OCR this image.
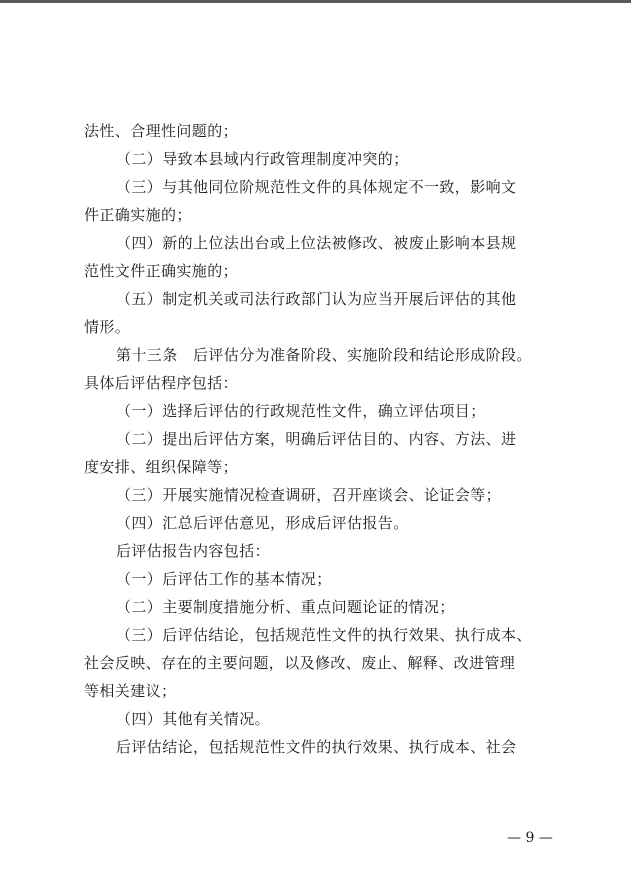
法性、合理性问题的；
（二）导致本县域内行政管理制度冲突的；
（三）与其他同位阶规范性文件的具体规定不一致，影响文
件正确实施的；
（四）新的上位法出台或上位法被修改、被废止影响本县规
范性文件正确实施的；
（五）制定机关或司法行政部门认为应当开展后评估的其他
情形。
第十三条　后评估分为准备阶段、实施阶段和结论形成阶段。
具体后评估程序包括：
（一）选择后评估的行政规范性文件，确立评估项目；
（二）提出后评估方案，明确后评估目的、内容、方法、进
度安排、组织保障等；
（三）开展实施情况检查调研，召开座谈会、论证会等；
（四）汇总后评估意见，形成后评估报告。
后评估报告内容包括：
（一）后评估工作的基本情况；
（二）主要制度措施分析、重点问题论证的情况；
（三）后评估结论，包括规范性文件的执行效果、执行成本、
社会反映、存在的主要问题，以及修改、废止、解释、改进管理
等相关建议；
（四）其他有关情况。
后评估结论，包括规范性文件的执行效果、执行成本、社会
— 9 —
